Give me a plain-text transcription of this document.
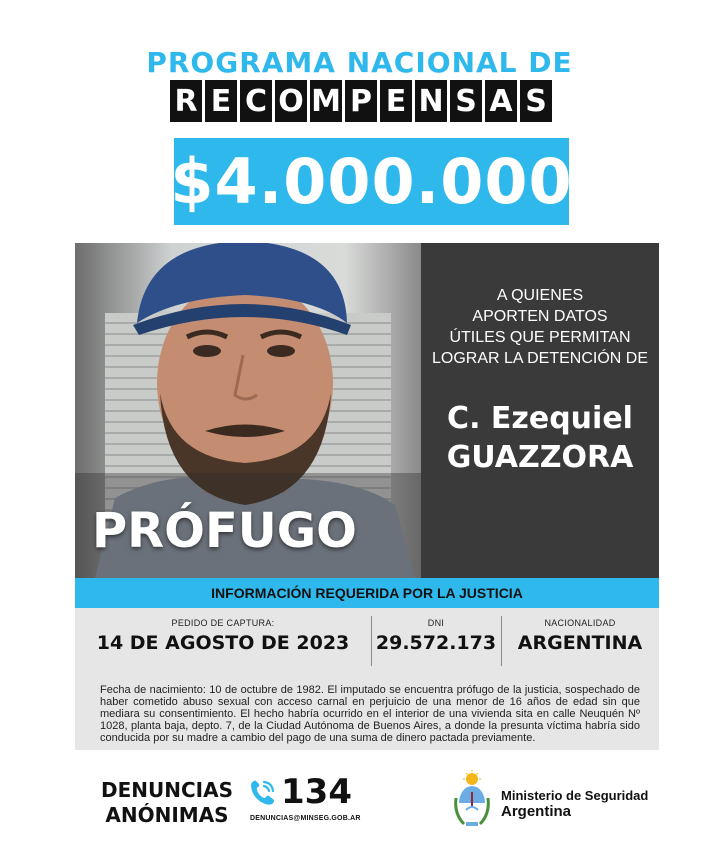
PROGRAMA NACIONAL DE
R E C O M P E N S A S
$4.000.000
A QUIENES
APORTEN DATOS
ÚTILES QUE PERMITAN
LOGRAR LA DETENCIÓN DE
C. Ezequiel
GUAZZORA
PRÓFUGO
INFORMACIÓN REQUERIDA POR LA JUSTICIA
PEDIDO DE CAPTURA:
14 DE AGOSTO DE 2023
DNI
29.572.173
NACIONALIDAD
ARGENTINA
Fecha de nacimiento: 10 de octubre de 1982. El imputado se encuentra prófugo de la justicia, sospechado de haber cometido abuso sexual con acceso carnal en perjuicio de una menor de 16 años de edad sin que mediara su consentimiento. El hecho habría ocurrido en el interior de una vivienda sita en calle Neuquén Nº 1028, planta baja, depto. 7, de la Ciudad Autónoma de Buenos Aires, a donde la presunta víctima habría sido conducida por su madre a cambio del pago de una suma de dinero pactada previamente.
DENUNCIAS
ANÓNIMAS
134
DENUNCIAS@MINSEG.GOB.AR
Ministerio de Seguridad
Argentina
